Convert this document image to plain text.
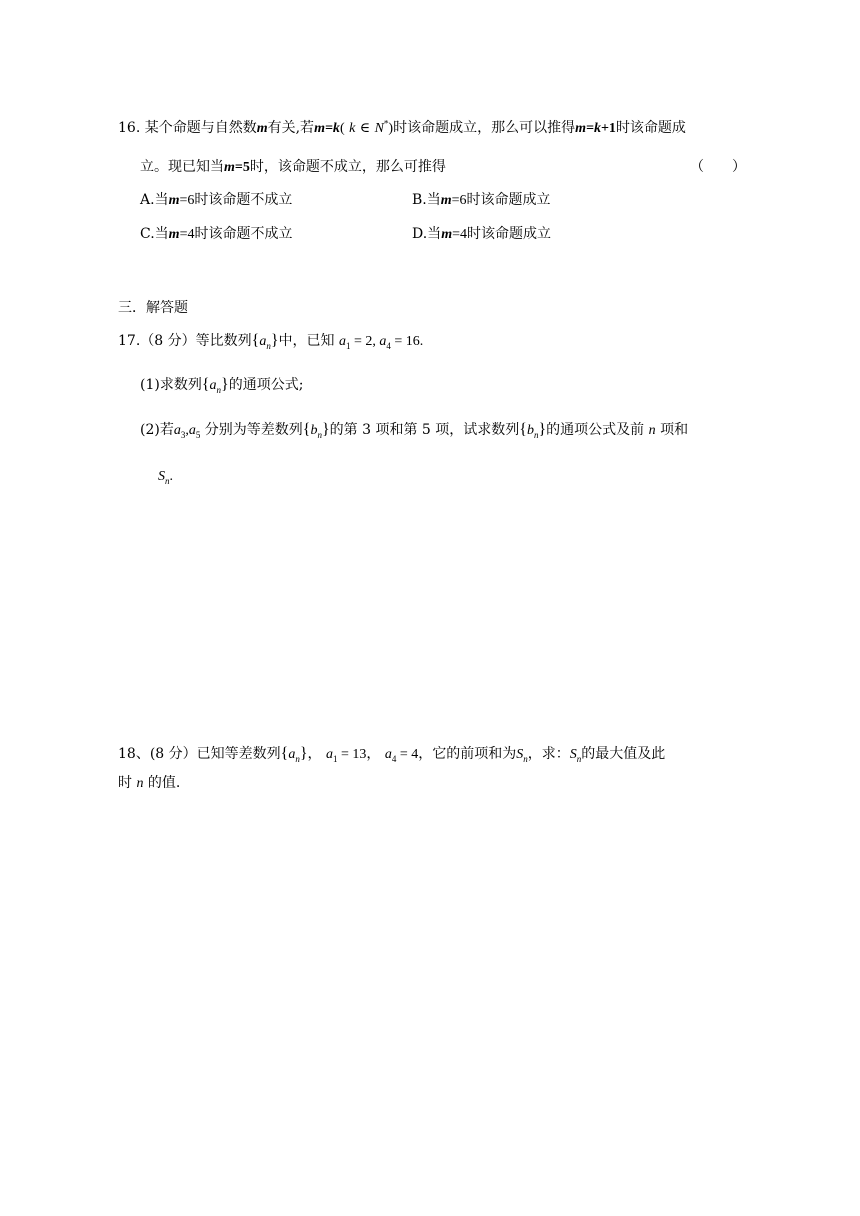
16. 某个命题与自然数m有关,若m=k( k ∈ N*)时该命题成立，那么可以推得m=k+1时该命题成
立。现已知当m=5时，该命题不成立，那么可推得	（　　）
A.当m=6时该命题不成立	B.当m=6时该命题成立
C.当m=4时该命题不成立	D.当m=4时该命题成立
三．解答题
17.（8 分）等比数列$\{a_n\}$中，已知 $a_1 = 2$, $a_4 = 16$.
(1)求数列$\{a_n\}$的通项公式;
(2)若$a_3,a_5$ 分别为等差数列$\{b_n\}$的第 3 项和第 5 项，试求数列$\{b_n\}$的通项公式及前 n 项和
$S_n$.
18、(8 分）已知等差数列$\{a_n\}$， $a_1 = 13$， $a_4 = 4$，它的前项和为$S_n$，求：$S_n$的最大值及此
时 n 的值.
